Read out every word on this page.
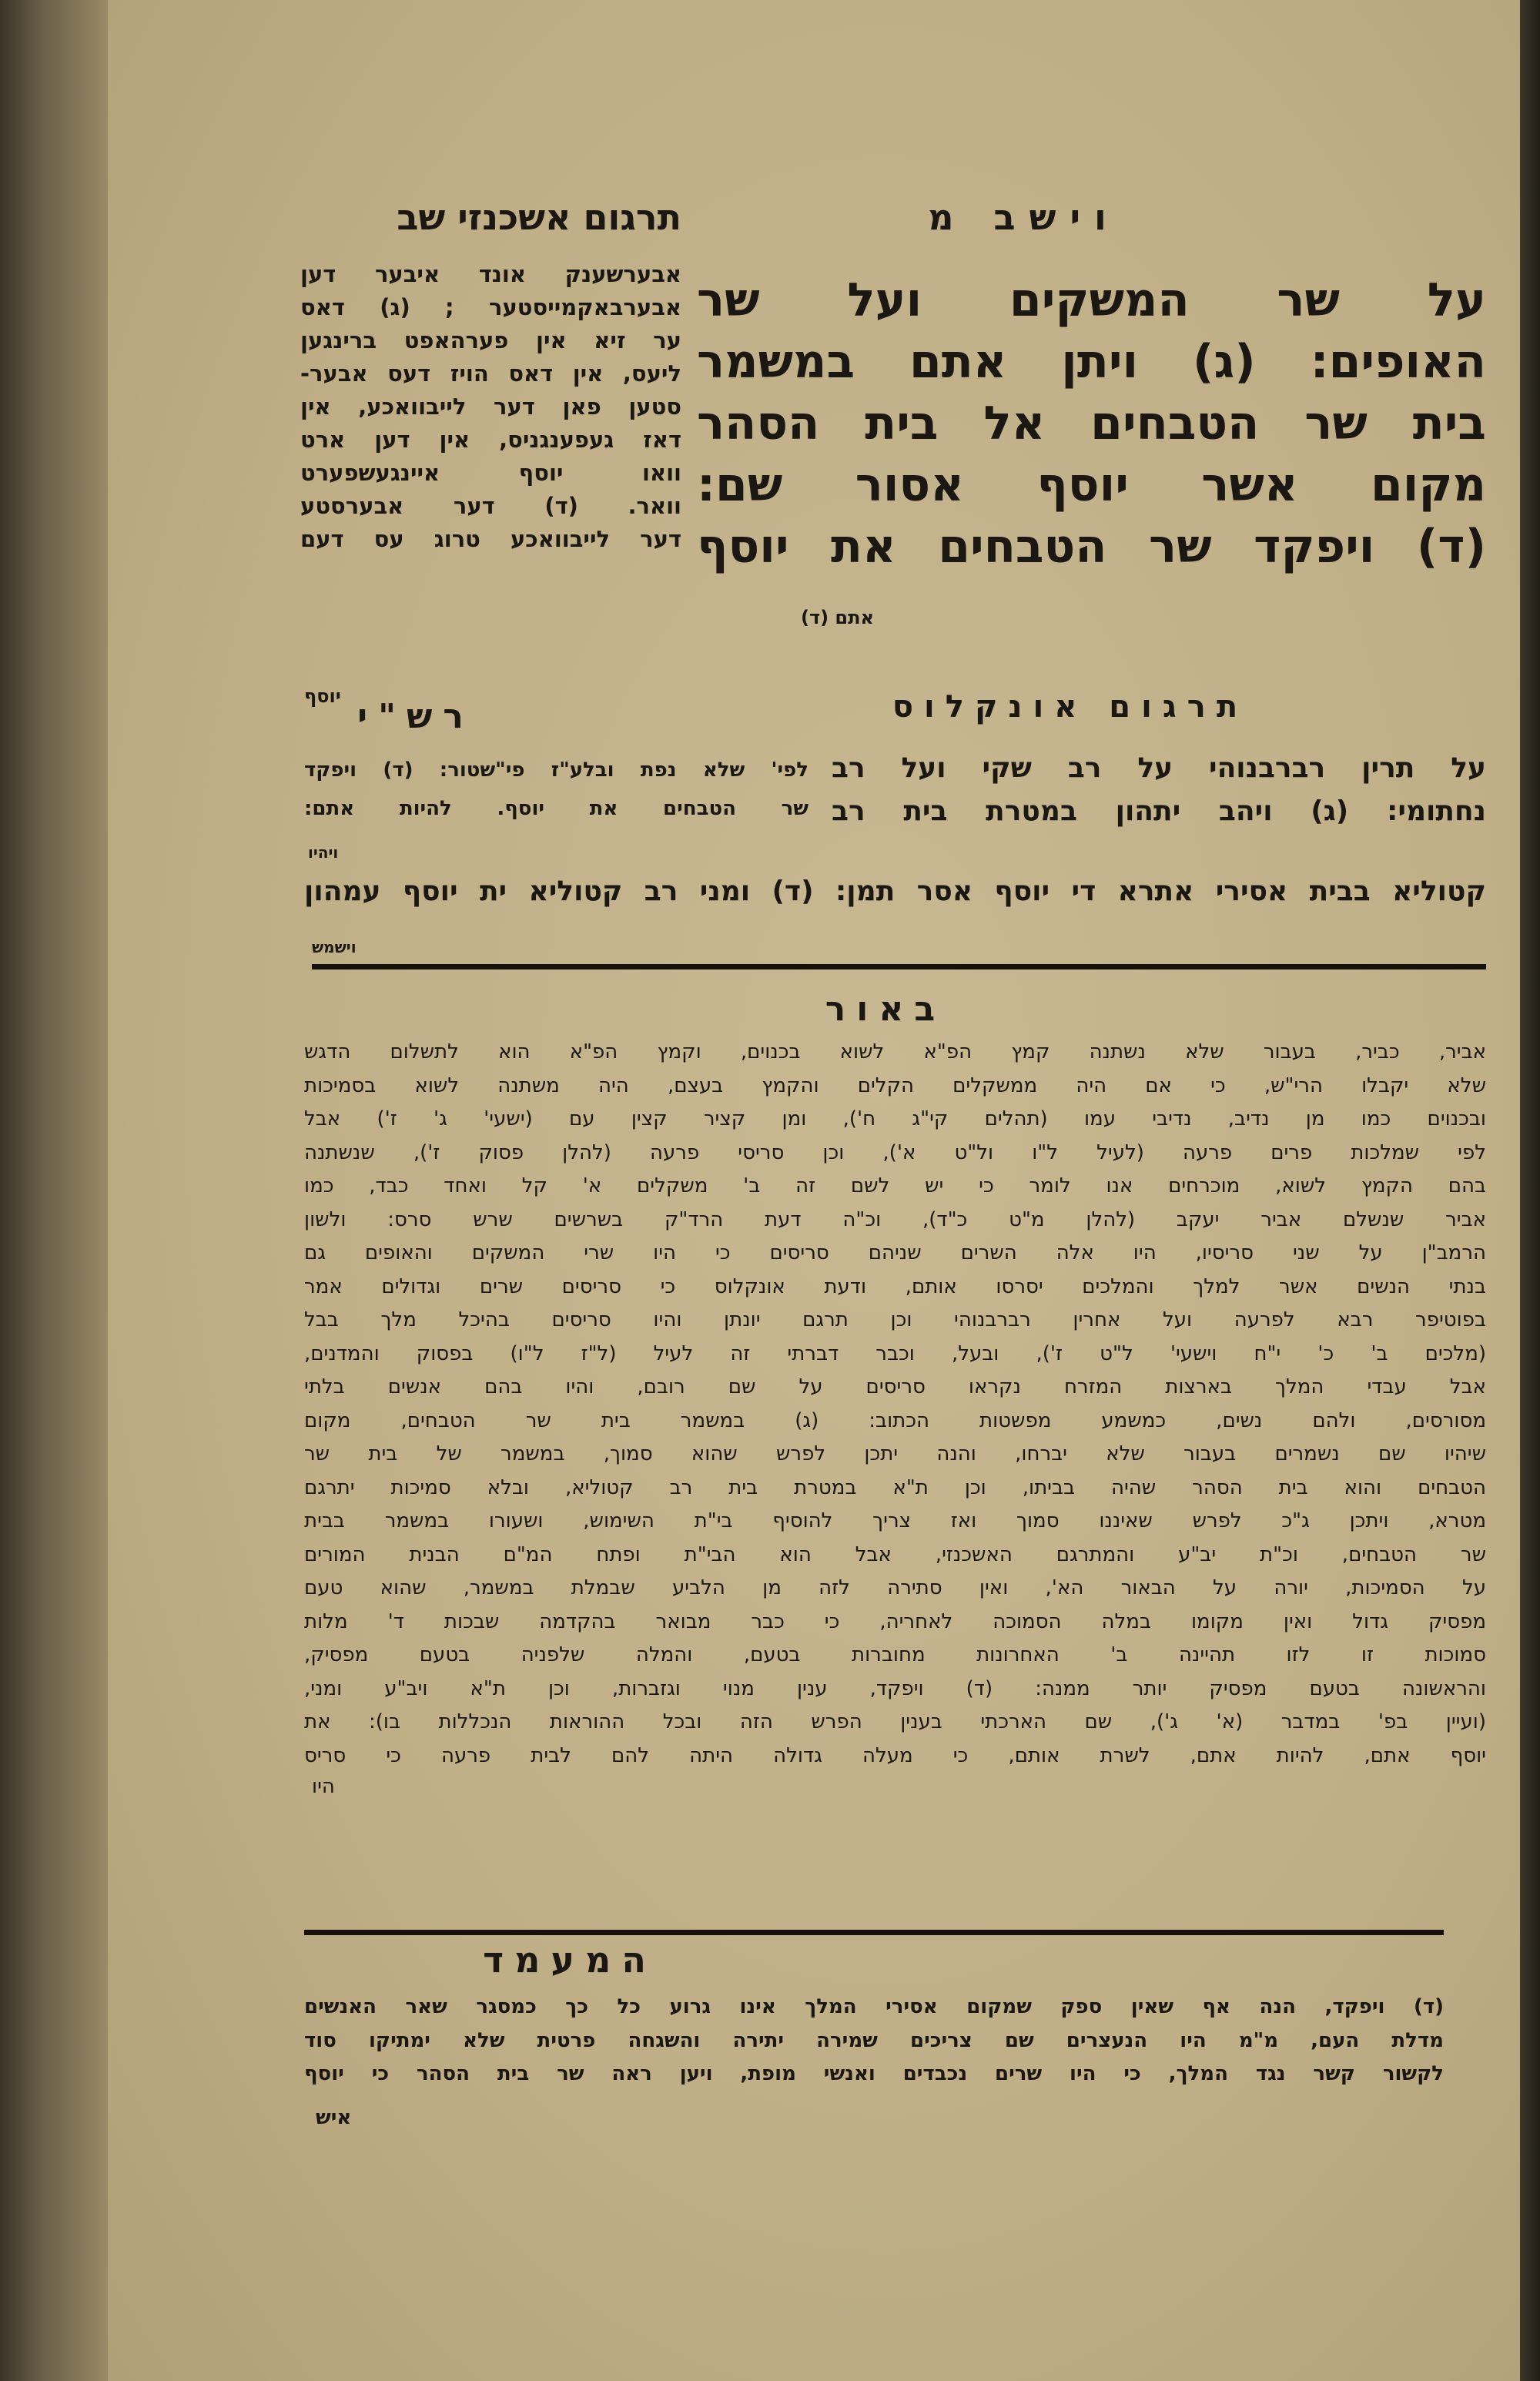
וישב מ
תרגום אשכנזי שב
על שר המשקים ועל שר
האופים: (ג) ויתן אתם במשמר
בית שר הטבחים אל בית הסהר
מקום אשר יוסף אסור שם:
(ד) ויפקד שר הטבחים את יוסף
אתם (ד)
אבערשענק אונד איבער דען
אבערבאקמייסטער ; (ג) דאס
ער זיא אין פערהאפט ברינגען
ליעס, אין דאס הויז דעס אבער-
סטען פאן דער לייבוואכע, אין
דאז געפענגניס, אין דען ארט
וואו יוסף איינגעשפערט
וואר. (ד) דער אבערסטע
דער לייבוואכע טרוג עס דעם
יוסף	תרגום אונקלוס
על תרין רברבנוהי על רב שקי ועל רב
נחתומי: (ג) ויהב יתהון במטרת בית רב
קטוליא בבית אסירי אתרא די יוסף אסר תמן: (ד) ומני רב קטוליא ית יוסף עמהון
רש"י
לפי' שלא נפת ובלע"ז פי"שטור: (ד) ויפקד
שר הטבחים את יוסף. להיות אתם:
ויהיו
וישמש
באור
אביר, כביר, בעבור שלא נשתנה קמץ הפ"א לשוא בכנוים, וקמץ הפ"א הוא לתשלום הדגש
שלא יקבלו הרי"ש, כי אם היה ממשקלים הקלים והקמץ בעצם, היה משתנה לשוא בסמיכות
ובכנוים כמו מן נדיב, נדיבי עמו (תהלים קי"ג ח'), ומן קציר קצין עם (ישעי' ג' ז') אבל
לפי שמלכות פרים פרעה (לעיל ל"ו ול"ט א'), וכן סריסי פרעה (להלן פסוק ז'), שנשתנה
בהם הקמץ לשוא, מוכרחים אנו לומר כי יש לשם זה ב' משקלים א' קל ואחד כבד, כמו
אביר שנשלם אביר יעקב (להלן מ"ט כ"ד), וכ"ה דעת הרד"ק בשרשים שרש סרס: ולשון
הרמב"ן על שני סריסיו, היו אלה השרים שניהם סריסים כי היו שרי המשקים והאופים גם
בנתי הנשים אשר למלך והמלכים יסרסו אותם, ודעת אונקלוס כי סריסים שרים וגדולים אמר
בפוטיפר רבא לפרעה ועל אחרין רברבנוהי וכן תרגם יונתן והיו סריסים בהיכל מלך בבל
(מלכים ב' כ' י"ח וישעי' ל"ט ז'), ובעל, וכבר דברתי זה לעיל (ל"ז ל"ו) בפסוק והמדנים,
אבל עבדי המלך בארצות המזרח נקראו סריסים על שם רובם, והיו בהם אנשים בלתי
מסורסים, ולהם נשים, כמשמע מפשטות הכתוב: (ג) במשמר בית שר הטבחים, מקום
שיהיו שם נשמרים בעבור שלא יברחו, והנה יתכן לפרש שהוא סמוך, במשמר של בית שר
הטבחים והוא בית הסהר שהיה בביתו, וכן ת"א במטרת בית רב קטוליא, ובלא סמיכות יתרגם
מטרא, ויתכן ג"כ לפרש שאיננו סמוך ואז צריך להוסיף בי"ת השימוש, ושעורו במשמר בבית
שר הטבחים, וכ"ת יב"ע והמתרגם האשכנזי, אבל הוא הבי"ת ופתח המ"ם הבנית המורים
על הסמיכות, יורה על הבאור הא', ואין סתירה לזה מן הלביע שבמלת במשמר, שהוא טעם
מפסיק גדול ואין מקומו במלה הסמוכה לאחריה, כי כבר מבואר בהקדמה שבכות ד' מלות
סמוכות זו לזו תהיינה ב' האחרונות מחוברות בטעם, והמלה שלפניה בטעם מפסיק,
והראשונה בטעם מפסיק יותר ממנה: (ד) ויפקד, ענין מנוי וגזברות, וכן ת"א ויב"ע ומני,
(ועיין בפ' במדבר (א' ג'), שם הארכתי בענין הפרש הזה ובכל ההוראות הנכללות בו): את
יוסף אתם, להיות אתם, לשרת אותם, כי מעלה גדולה היתה להם לבית פרעה כי סריס
היו
המעמד
(ד) ויפקד, הנה אף שאין ספק שמקום אסירי המלך אינו גרוע כל כך כמסגר שאר האנשים
מדלת העם, מ"מ היו הנעצרים שם צריכים שמירה יתירה והשגחה פרטית שלא ימתיקו סוד
לקשור קשר נגד המלך, כי היו שרים נכבדים ואנשי מופת, ויען ראה שר בית הסהר כי יוסף
איש
